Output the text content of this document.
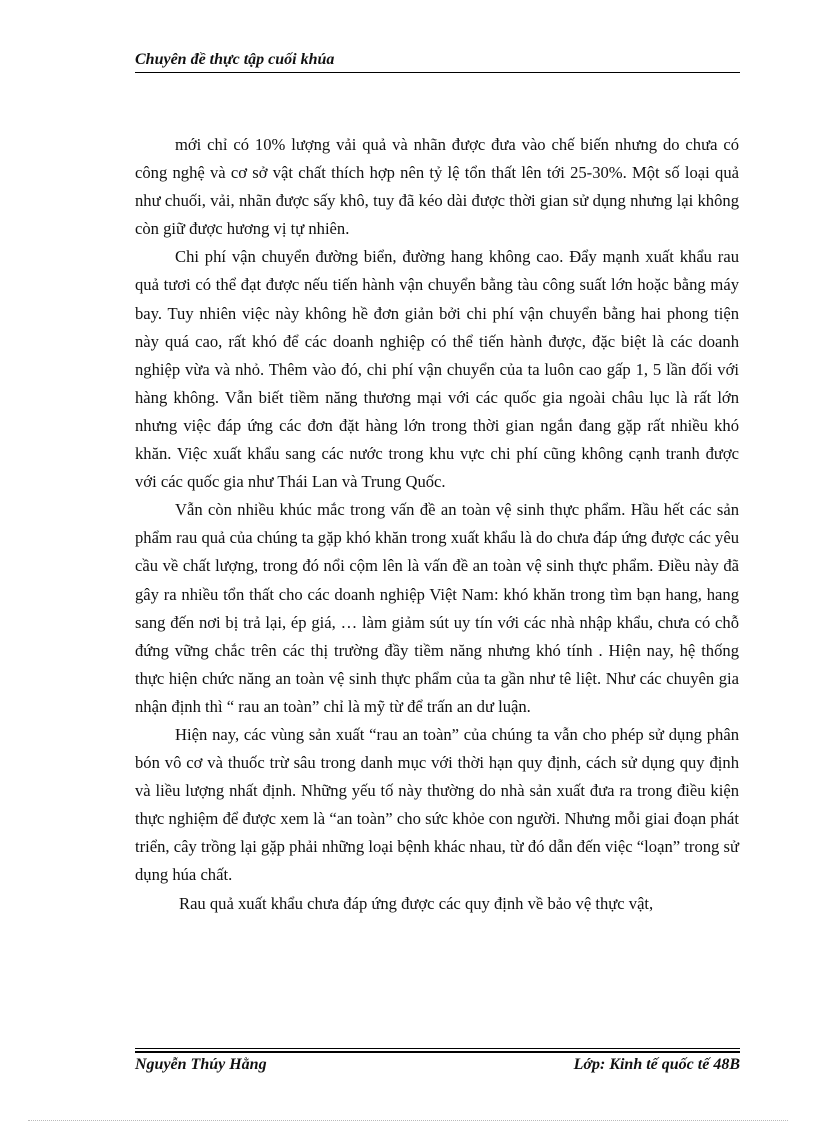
Chuyên đề thực tập cuối khúa

mới chỉ có 10% lượng vải quả và nhãn được đưa vào chế biến nhưng do chưa có công nghệ và cơ sở vật chất thích hợp nên tỷ lệ tổn thất lên tới 25-30%. Một số loại quả như chuối, vải, nhãn được sấy khô, tuy đã kéo dài được thời gian sử dụng nhưng lại không còn giữ được hương vị tự nhiên.

Chi phí vận chuyển đường biển, đường hang không cao. Đẩy mạnh xuất khẩu rau quả tươi có thể đạt được nếu tiến hành vận chuyển bằng tàu công suất lớn hoặc bằng máy bay. Tuy nhiên việc này không hề đơn giản bởi chi phí vận chuyển bằng hai phong tiện này quá cao, rất khó để các doanh nghiệp có thể tiến hành được, đặc biệt là các doanh nghiệp vừa và nhỏ. Thêm vào đó, chi phí vận chuyển của ta luôn cao gấp 1, 5 lần đối với hàng không. Vẫn biết tiềm năng thương mại với các quốc gia ngoài châu lục là rất lớn nhưng việc đáp ứng các đơn đặt hàng lớn trong thời gian ngắn đang gặp rất nhiều khó khăn. Việc xuất khẩu sang các nước trong khu vực chi phí cũng không cạnh tranh được với các quốc gia như Thái Lan và Trung Quốc.

Vẫn còn nhiều khúc mắc trong vấn đề an toàn vệ sinh thực phẩm. Hầu hết các sản phẩm rau quả của chúng ta gặp khó khăn trong xuất khẩu là do chưa đáp ứng được các yêu cầu về chất lượng, trong đó nổi cộm lên là vấn đề an toàn vệ sinh thực phẩm. Điều này đã gây ra nhiều tổn thất cho các doanh nghiệp Việt Nam: khó khăn trong tìm bạn hang, hang sang đến nơi bị trả lại, ép giá, … làm giảm sút uy tín với các nhà nhập khẩu, chưa có chỗ đứng vững chắc trên các thị trường đầy tiềm năng nhưng khó tính . Hiện nay, hệ thống thực hiện chức năng an toàn vệ sinh thực phẩm của ta gần như tê liệt. Như các chuyên gia nhận định thì “ rau an toàn” chỉ là mỹ từ để trấn an dư luận.

Hiện nay, các vùng sản xuất “rau an toàn” của chúng ta vẫn cho phép sử dụng phân bón vô cơ và thuốc trừ sâu trong danh mục với thời hạn quy định, cách sử dụng quy định và liều lượng nhất định. Những yếu tố này thường do nhà sản xuất đưa ra trong điều kiện thực nghiệm để được xem là “an toàn” cho sức khỏe con người. Nhưng mỗi giai đoạn phát triển, cây trồng lại gặp phải những loại bệnh khác nhau, từ đó dẫn đến việc “loạn” trong sử dụng húa chất.

Rau quả xuất khẩu chưa đáp ứng được các quy định về bảo vệ thực vật,

Nguyễn Thúy Hằng	Lớp: Kinh tế quốc tế 48B
